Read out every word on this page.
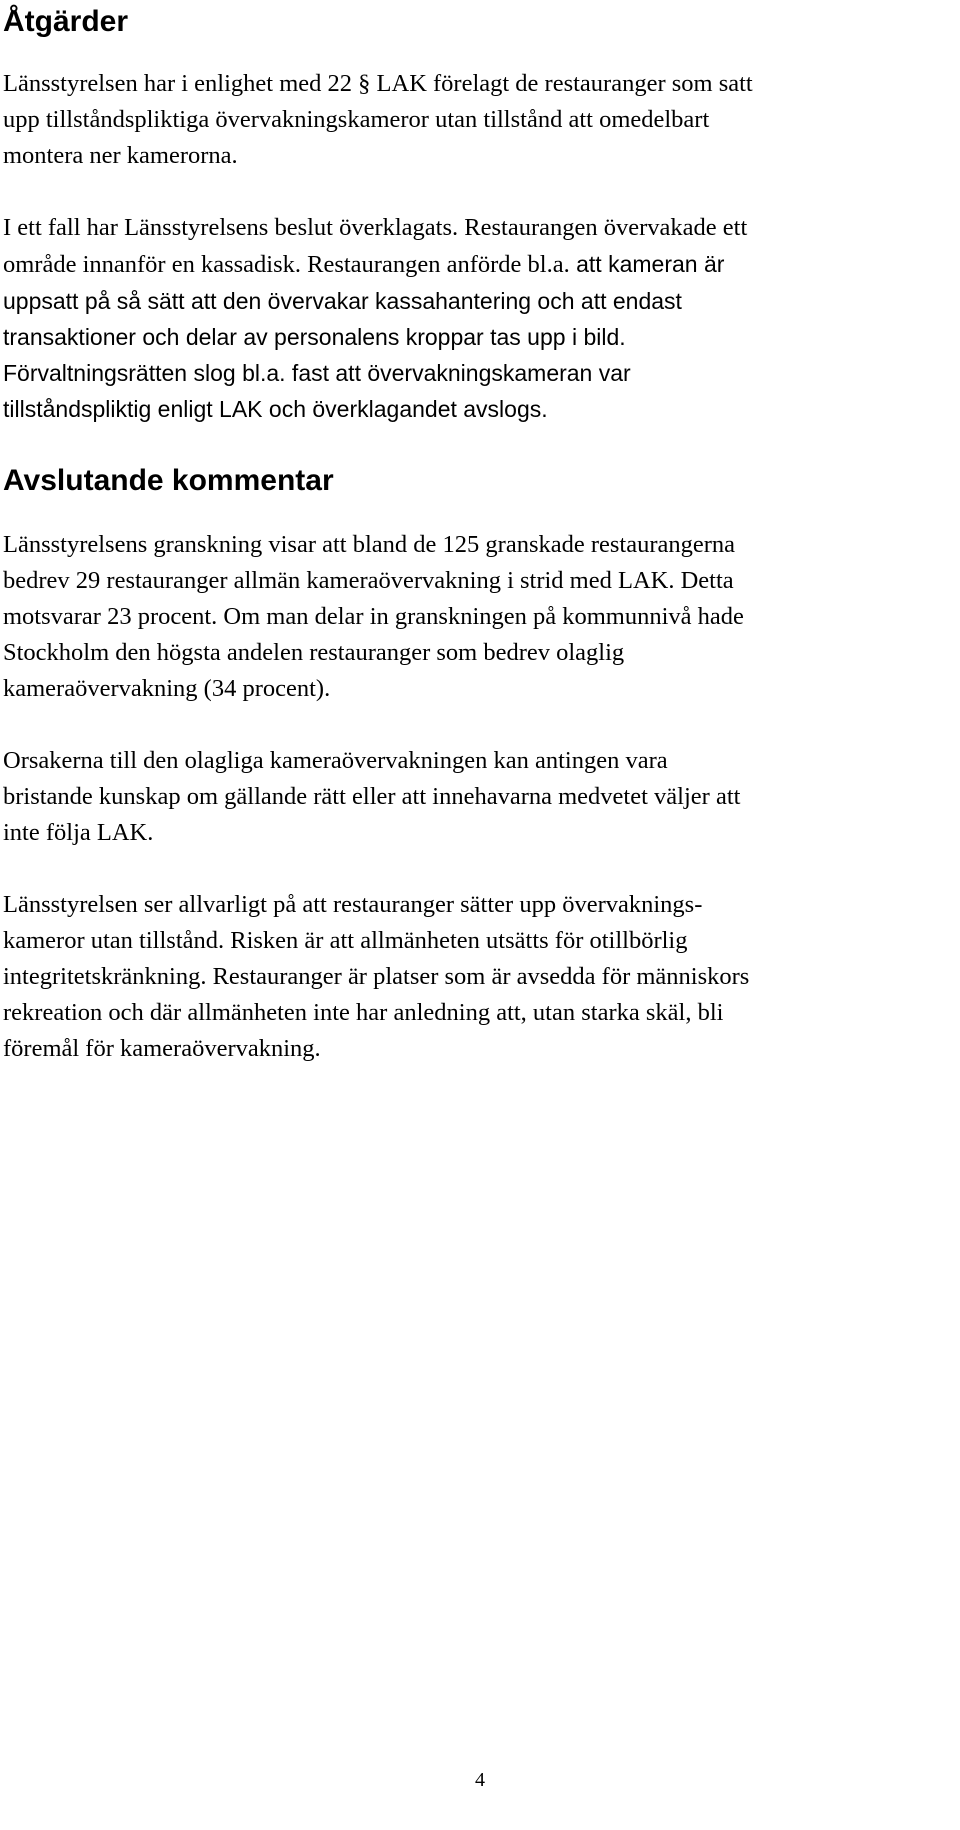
Åtgärder

Länsstyrelsen har i enlighet med 22 § LAK förelagt de restauranger som satt
upp tillståndspliktiga övervakningskameror utan tillstånd att omedelbart
montera ner kamerorna.

I ett fall har Länsstyrelsens beslut överklagats. Restaurangen övervakade ett
område innanför en kassadisk. Restaurangen anförde bl.a. att kameran är
uppsatt på så sätt att den övervakar kassahantering och att endast
transaktioner och delar av personalens kroppar tas upp i bild.
Förvaltningsrätten slog bl.a. fast att övervakningskameran var
tillståndspliktig enligt LAK och överklagandet avslogs.

Avslutande kommentar

Länsstyrelsens granskning visar att bland de 125 granskade restaurangerna
bedrev 29 restauranger allmän kameraövervakning i strid med LAK. Detta
motsvarar 23 procent. Om man delar in granskningen på kommunnivå hade
Stockholm den högsta andelen restauranger som bedrev olaglig
kameraövervakning (34 procent).

Orsakerna till den olagliga kameraövervakningen kan antingen vara
bristande kunskap om gällande rätt eller att innehavarna medvetet väljer att
inte följa LAK.

Länsstyrelsen ser allvarligt på att restauranger sätter upp övervaknings-
kameror utan tillstånd. Risken är att allmänheten utsätts för otillbörlig
integritetskränkning. Restauranger är platser som är avsedda för människors
rekreation och där allmänheten inte har anledning att, utan starka skäl, bli
föremål för kameraövervakning.

4
